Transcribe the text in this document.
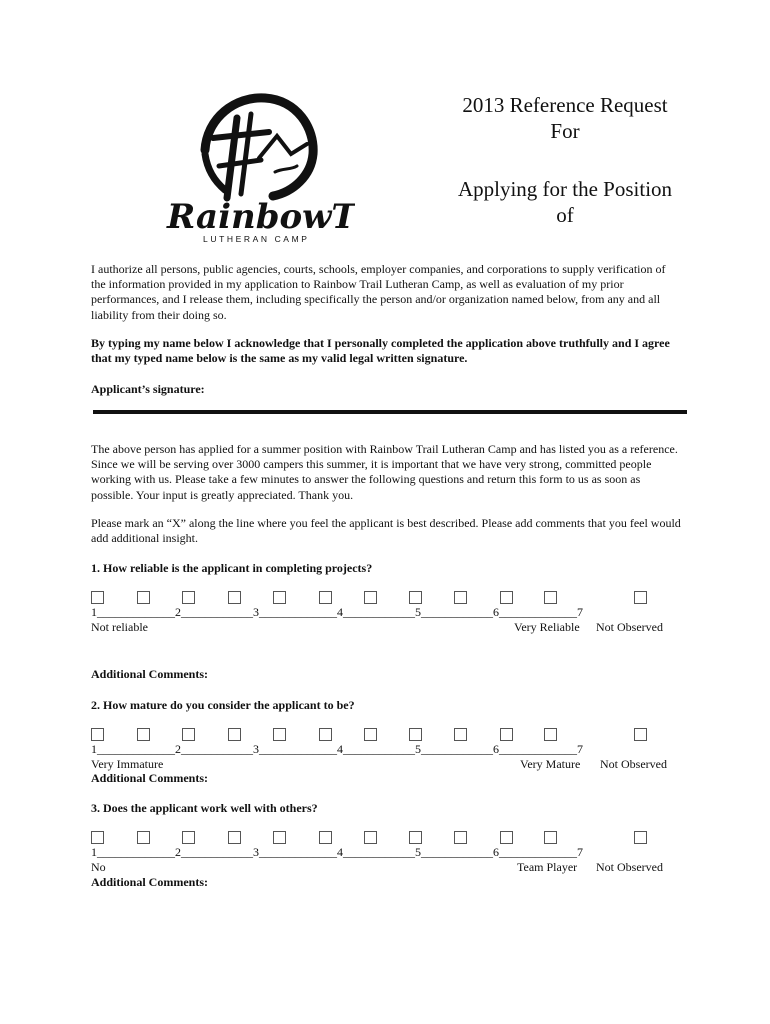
RainbowT
LUTHERAN CAMP
2013 Reference Request
For
Applying for the Position
of
I authorize all persons, public agencies, courts, schools, employer companies, and corporations to supply verification of the information provided in my application to Rainbow Trail Lutheran Camp, as well as evaluation of my prior performances, and I release them, including specifically the person and/or organization named below, from any and all liability from their doing so.
By typing my name below I acknowledge that I personally completed the application above truthfully and I agree that my typed name below is the same as my valid legal written signature.
Applicant’s signature:
The above person has applied for a summer position with Rainbow Trail Lutheran Camp and has listed you as a reference. Since we will be serving over 3000 campers this summer, it is important that we have very strong, committed people working with us. Please take a few minutes to answer the following questions and return this form to us as soon as possible. Your input is greatly appreciated. Thank you.
Please mark an “X” along the line where you feel the applicant is best described. Please add comments that you feel would add additional insight.
1. How reliable is the applicant in completing projects?
1_____________2____________3_____________4____________5____________6_____________7
Not reliable	Very Reliable Not Observed
Additional Comments:
2. How mature do you consider the applicant to be?
1_____________2____________3_____________4____________5____________6_____________7
Very Immature	Very Mature Not Observed
Additional Comments:
3. Does the applicant work well with others?
1_____________2____________3_____________4____________5____________6_____________7
No	Team Player Not Observed
Additional Comments:
